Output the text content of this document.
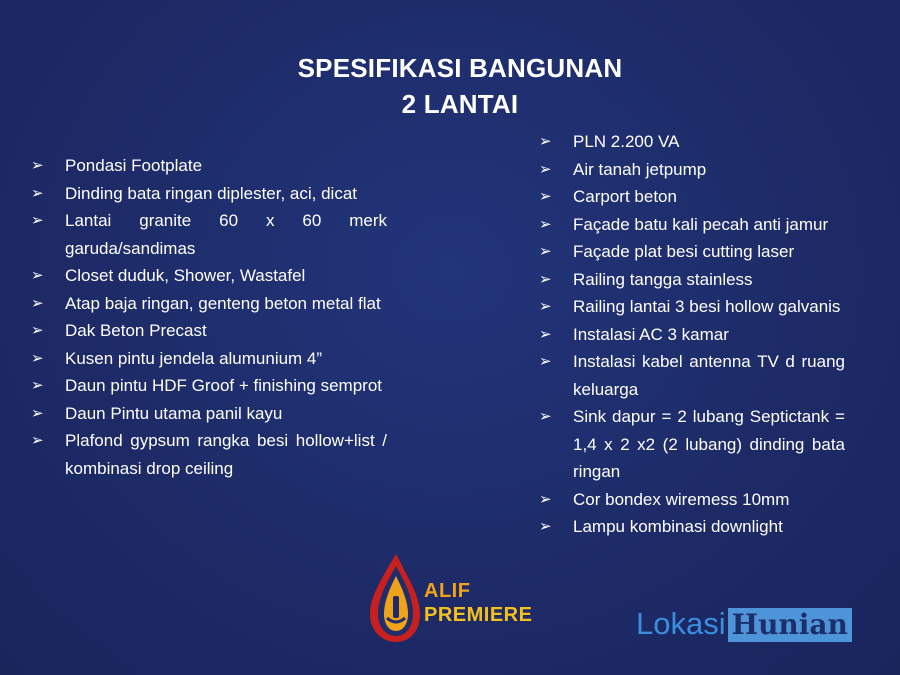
SPESIFIKASI BANGUNAN
2 LANTAI
➢	Pondasi Footplate
➢	Dinding bata ringan diplester, aci, dicat
➢	Lantai granite 60 x 60 merk garuda/sandimas
➢	Closet duduk, Shower, Wastafel
➢	Atap baja ringan, genteng beton metal flat
➢	Dak Beton Precast
➢	Kusen pintu jendela alumunium 4”
➢	Daun pintu HDF Groof + finishing semprot
➢	Daun Pintu utama panil kayu
➢	Plafond gypsum rangka besi hollow+list / kombinasi drop ceiling
➢	PLN 2.200 VA
➢	Air tanah jetpump
➢	Carport beton
➢	Façade batu kali pecah anti jamur
➢	Façade plat besi cutting laser
➢	Railing tangga stainless
➢	Railing lantai 3 besi hollow galvanis
➢	Instalasi AC 3 kamar
➢	Instalasi kabel antenna TV d ruang keluarga
➢	Sink dapur = 2 lubang Septictank = 1,4 x 2 x2 (2 lubang) dinding bata ringan
➢	Cor bondex wiremess 10mm
➢	Lampu kombinasi downlight
ALIF
PREMIERE	Lokasi Hunian
